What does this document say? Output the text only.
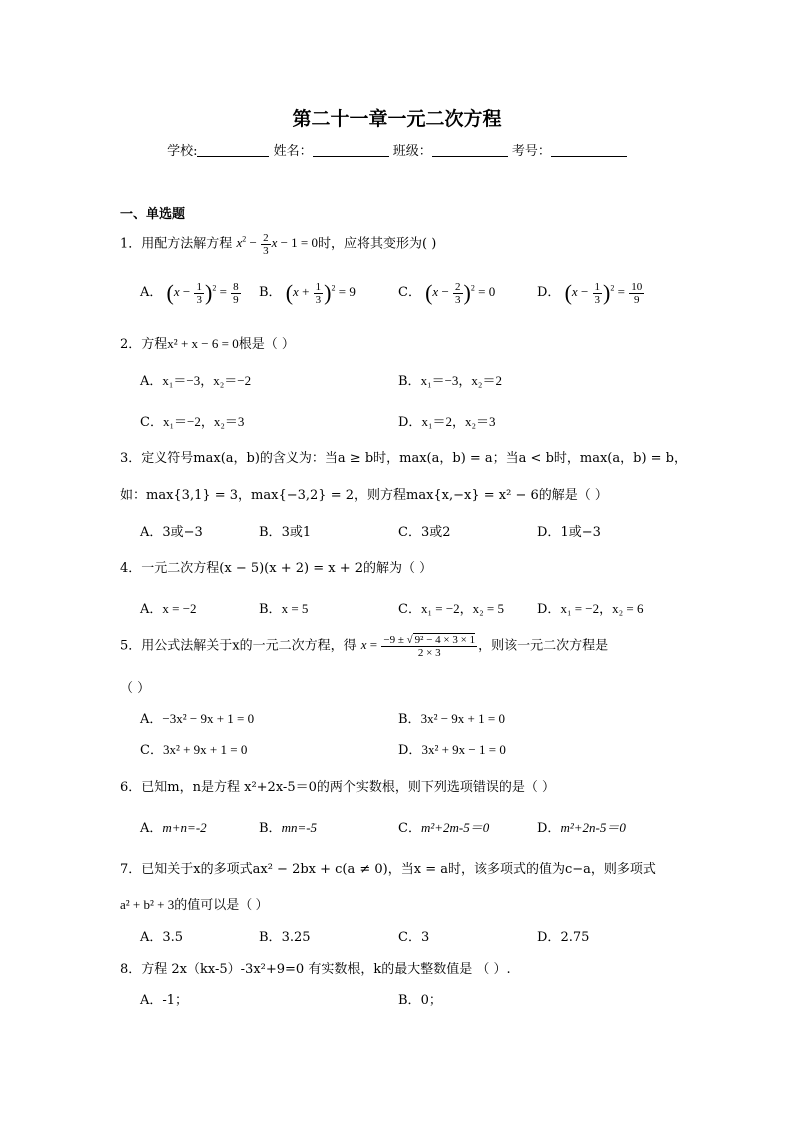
第二十一章一元二次方程
学校:	姓名：	班级：	考号：
一、单选题
1．用配方法解方程 $x^2 - \frac{2}{3}$ x − 1 = 0时，应将其变形为( )
A． $(x - \frac{1}{3} )^2 = \frac{8}{9}$ B． $(x + \frac{1}{3} )^2 = 9$	C． $(x - \frac{2}{3} )^2 = 0$	D． $(x - \frac{1}{3} )^2 = \frac{10}{9}$
2．方程x² + x − 6 = 0根是（ ）
A．x₁＝−3，x₂＝−2	B．x₁＝−3，x₂＝2
C．x₁＝−2，x₂＝3	D．x₁＝2，x₂＝3
3．定义符号max(a，b)的含义为：当a ≥ b时，max(a，b) = a；当a < b时，max(a，b) = b，
如：max{3,1} = 3，max{−3,2} = 2，则方程max{x,−x} = x² − 6的解是（ ）
A．3或−3	B．3或1	C．3或2	D．1或−3
4．一元二次方程(x − 5)(x + 2) = x + 2的解为（ ）
A．x = −2	B．x = 5	C．x₁ = −2，x₂ = 5	D．x₁ = −2，x₂ = 6
5．用公式法解关于x的一元二次方程，得 $x = \frac{\text{−9 ± √ 9² − 4 × 3 × 1}}{2 \times 3}$ ，则该一元二次方程是
（ ）
A．−3x² − 9x + 1 = 0	B．3x² − 9x + 1 = 0
C．3x² + 9x + 1 = 0	D．3x² + 9x − 1 = 0
6．已知m，n是方程 x²+2x-5＝0的两个实数根，则下列选项错误的是（ ）
A．m+n=-2	B．mn=-5	C．m²+2m-5＝0	D．m²+2n-5＝0
7．已知关于x的多项式ax² − 2bx + c(a ≠ 0)，当x = a时，该多项式的值为c−a，则多项式
a² + b² + 3的值可以是（ ）
A．3.5	B．3.25	C．3	D．2.75
8．方程 2x（kx-5）-3x²+9=0 有实数根，k的最大整数值是 （ ）.
A．-1；	B．0；
